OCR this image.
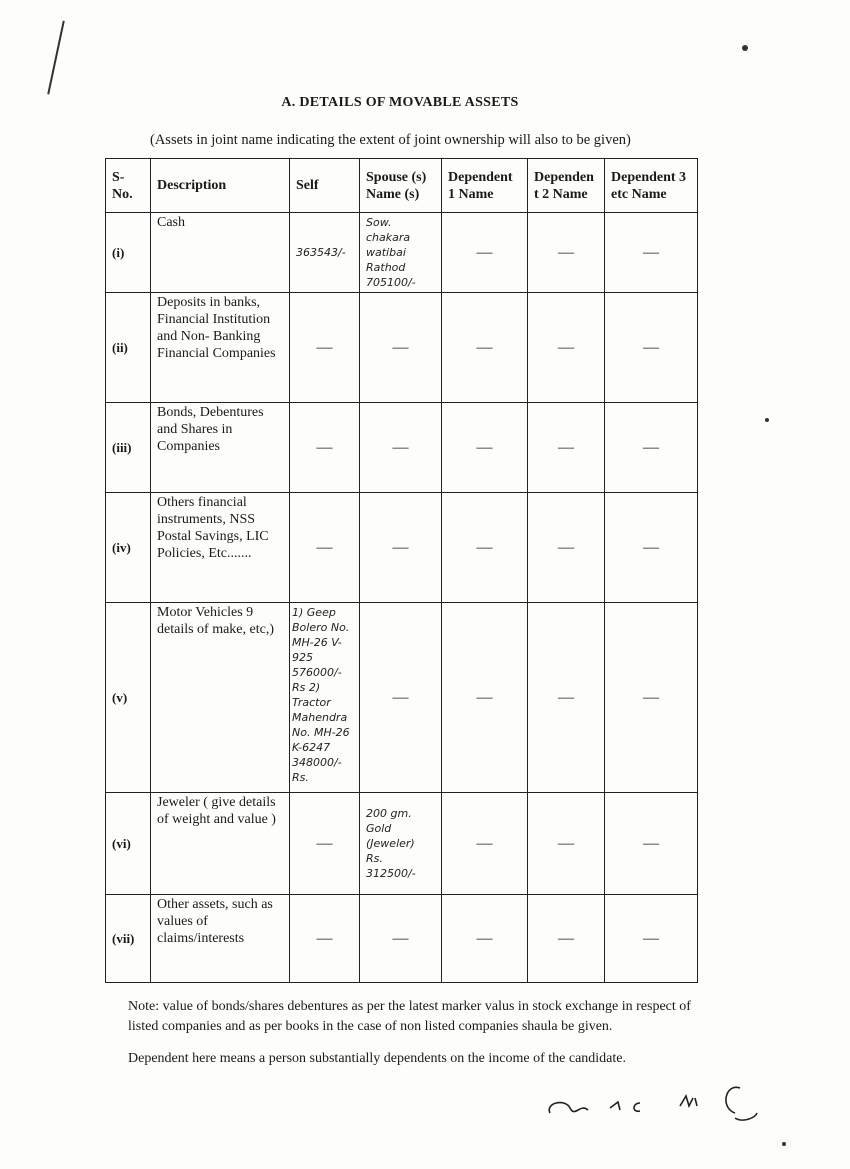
A. DETAILS OF MOVABLE ASSETS
(Assets in joint name indicating the extent of joint ownership will also to be given)
S-No.	Description	Self	Spouse (s) Name (s)	Dependent 1 Name	Dependent 2 Name	Dependent 3 etc Name
(i)	Cash	363543/-	Sow. chakara watibai Rathod 705100/-	—	—	—
(ii)	Deposits in banks, Financial Institution and Non- Banking Financial Companies	—	—	—	—	—
(iii)	Bonds, Debentures and Shares in Companies	—	—	—	—	—
(iv)	Others financial instruments, NSS Postal Savings, LIC Policies, Etc.......	—	—	—	—	—
(v)	Motor Vehicles 9 details of make, etc,)	1) Geep Bolero No. MH-26 V-925 576000/- Rs 2) Tractor Mahendra No. MH-26 K-6247 348000/- Rs.	—	—	—	—
(vi)	Jeweler ( give details of weight and value )	—	200 gm. Gold (Jeweler) Rs. 312500/-	—	—	—
(vii)	Other assets, such as values of claims/interests	—	—	—	—	—
Note: value of bonds/shares debentures as per the latest marker valus in stock exchange in respect of listed companies and as per books in the case of non listed companies shaula be given.
Dependent here means a person substantially dependents on the income of the candidate.
